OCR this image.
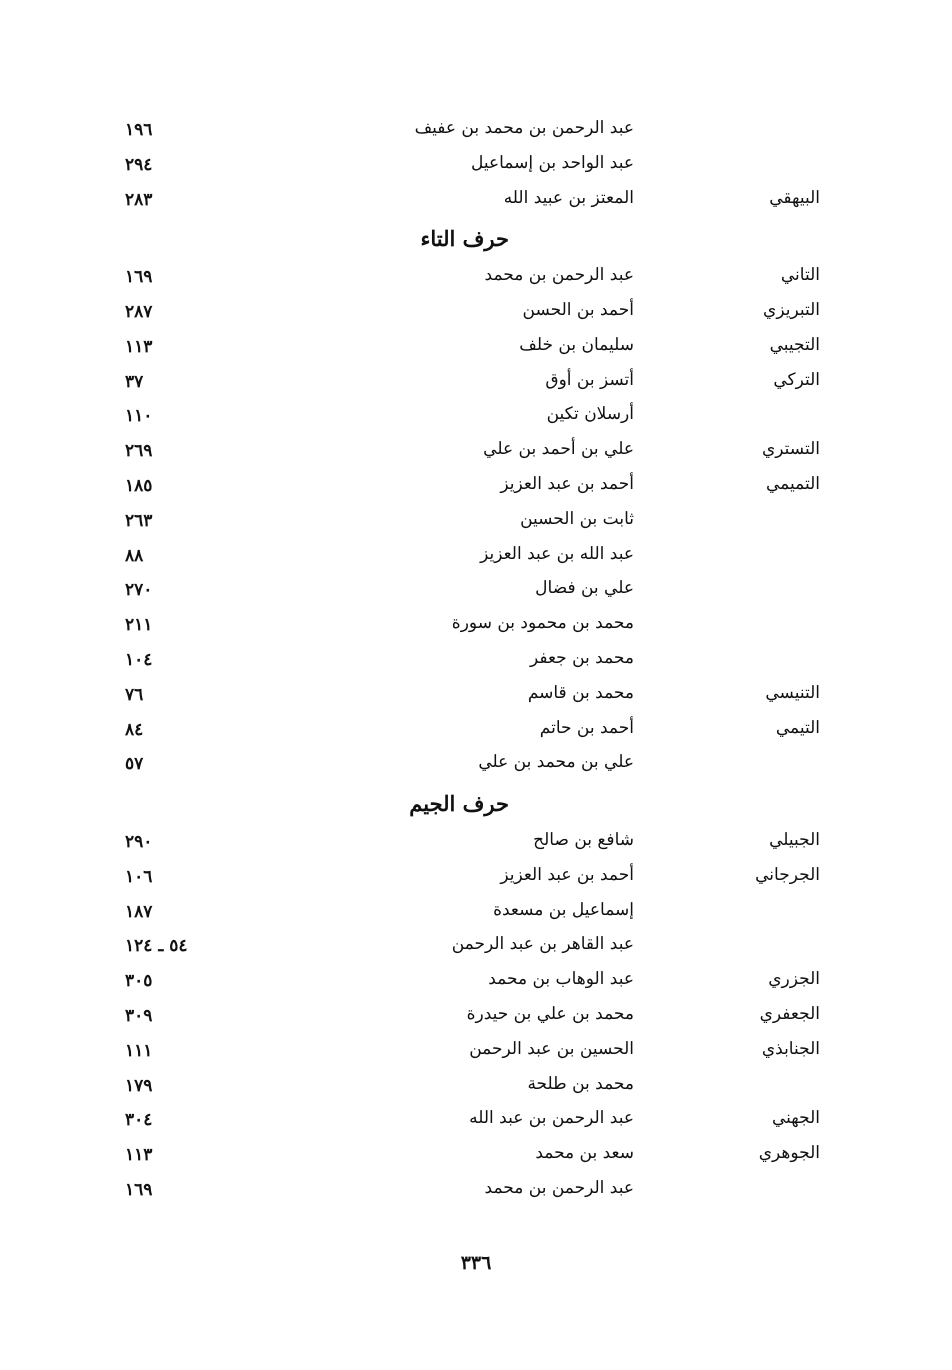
عبد الرحمن بن محمد بن عفيف
١٩٦
عبد الواحد بن إسماعيل
٢٩٤
البيهقي
المعتز بن عبيد الله
٢٨٣
حرف التاء
التاني
عبد الرحمن بن محمد
١٦٩
التبريزي
أحمد بن الحسن
٢٨٧
التجيبي
سليمان بن خلف
١١٣
التركي
أتسز بن أوق
٣٧
أرسلان تكين
١١٠
التستري
علي بن أحمد بن علي
٢٦٩
التميمي
أحمد بن عبد العزيز
١٨٥
ثابت بن الحسين
٢٦٣
عبد الله بن عبد العزيز
٨٨
علي بن فضال
٢٧٠
محمد بن محمود بن سورة
٢١١
محمد بن جعفر
١٠٤
التنيسي
محمد بن قاسم
٧٦
التيمي
أحمد بن حاتم
٨٤
علي بن محمد بن علي
٥٧
حرف الجيم
الجبيلي
شافع بن صالح
٢٩٠
الجرجاني
أحمد بن عبد العزيز
١٠٦
إسماعيل بن مسعدة
١٨٧
عبد القاهر بن عبد الرحمن
٥٤ ـ ١٢٤
الجزري
عبد الوهاب بن محمد
٣٠٥
الجعفري
محمد بن علي بن حيدرة
٣٠٩
الجنابذي
الحسين بن عبد الرحمن
١١١
محمد بن طلحة
١٧٩
الجهني
عبد الرحمن بن عبد الله
٣٠٤
الجوهري
سعد بن محمد
١١٣
عبد الرحمن بن محمد
١٦٩
٣٣٦
